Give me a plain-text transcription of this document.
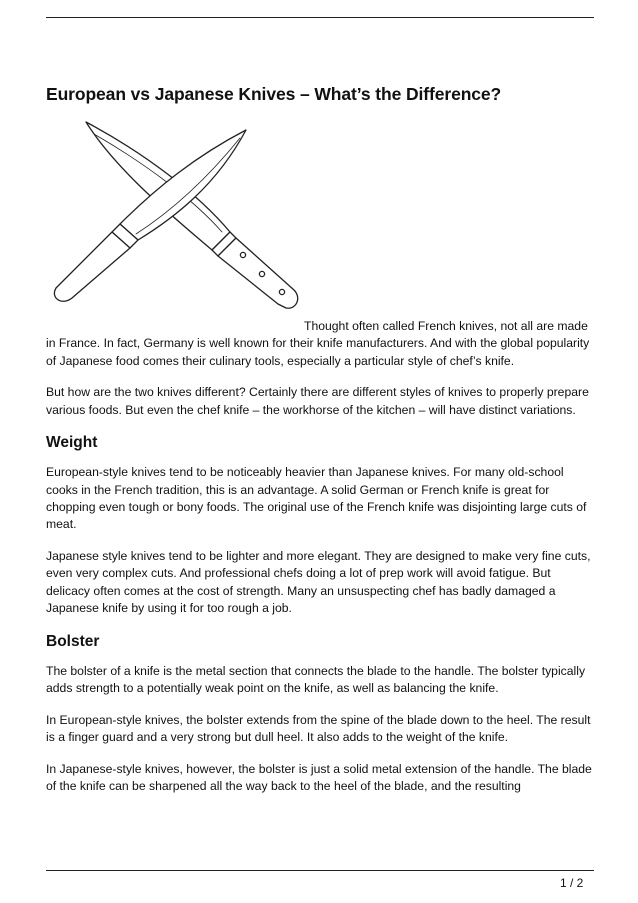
European vs Japanese Knives – What’s the Difference?

Thought often called French knives, not all are made in France. In fact, Germany is well known for their knife manufacturers. And with the global popularity of Japanese food comes their culinary tools, especially a particular style of chef’s knife.

But how are the two knives different? Certainly there are different styles of knives to properly prepare various foods. But even the chef knife – the workhorse of the kitchen – will have distinct variations.

Weight

European-style knives tend to be noticeably heavier than Japanese knives. For many old-school cooks in the French tradition, this is an advantage. A solid German or French knife is great for chopping even tough or bony foods. The original use of the French knife was disjointing large cuts of meat.

Japanese style knives tend to be lighter and more elegant. They are designed to make very fine cuts, even very complex cuts. And professional chefs doing a lot of prep work will avoid fatigue. But delicacy often comes at the cost of strength. Many an unsuspecting chef has badly damaged a Japanese knife by using it for too rough a job.

Bolster

The bolster of a knife is the metal section that connects the blade to the handle. The bolster typically adds strength to a potentially weak point on the knife, as well as balancing the knife.

In European-style knives, the bolster extends from the spine of the blade down to the heel. The result is a finger guard and a very strong but dull heel. It also adds to the weight of the knife.

In Japanese-style knives, however, the bolster is just a solid metal extension of the handle. The blade of the knife can be sharpened all the way back to the heel of the blade, and the resulting

1 / 2
